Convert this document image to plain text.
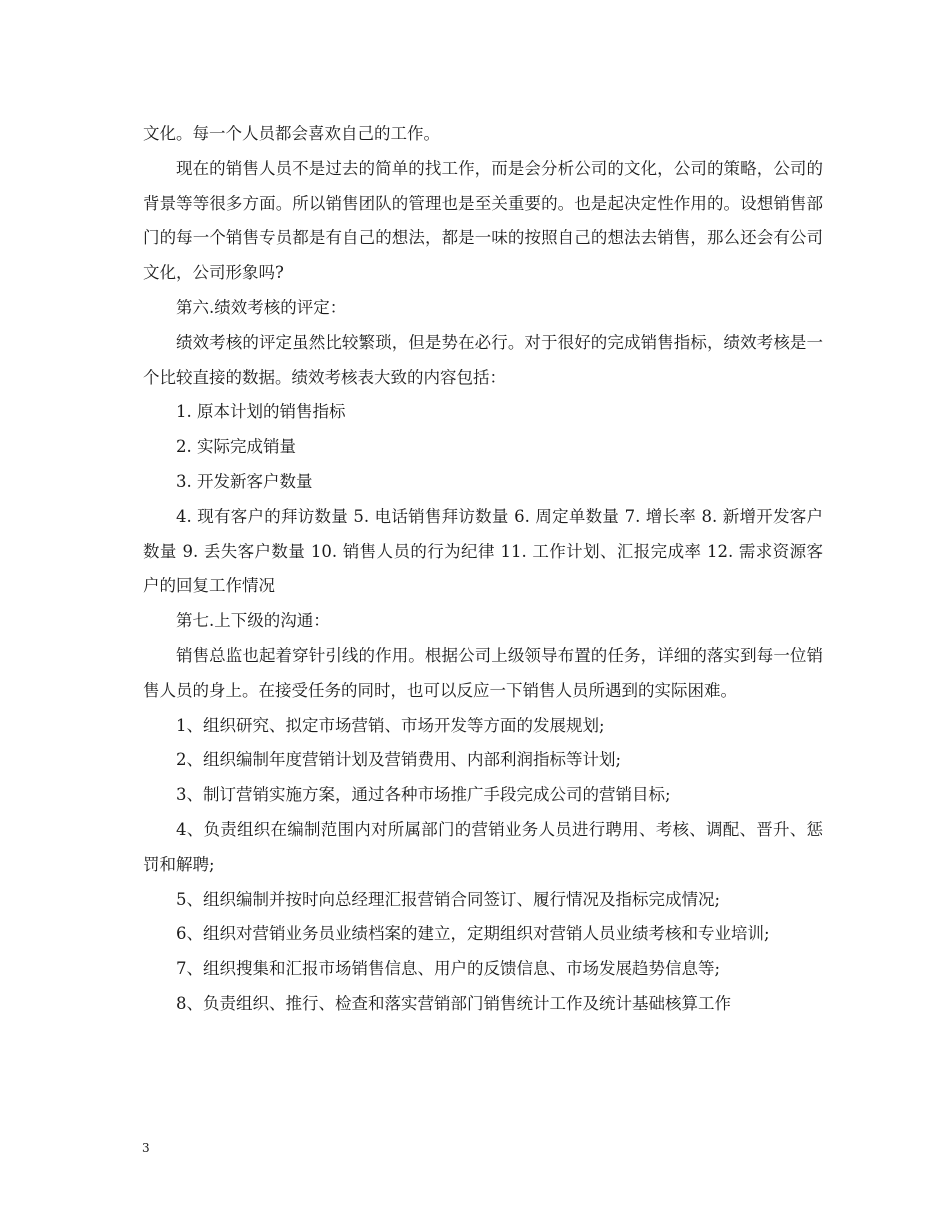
文化。每一个人员都会喜欢自己的工作。

现在的销售人员不是过去的简单的找工作，而是会分析公司的文化，公司的策略，公司的背景等等很多方面。所以销售团队的管理也是至关重要的。也是起决定性作用的。设想销售部门的每一个销售专员都是有自己的想法，都是一味的按照自己的想法去销售，那么还会有公司文化，公司形象吗?

第六.绩效考核的评定：

绩效考核的评定虽然比较繁琐，但是势在必行。对于很好的完成销售指标，绩效考核是一个比较直接的数据。绩效考核表大致的内容包括：

1. 原本计划的销售指标

2. 实际完成销量

3. 开发新客户数量

4. 现有客户的拜访数量 5. 电话销售拜访数量 6. 周定单数量 7. 增长率 8. 新增开发客户数量 9. 丢失客户数量 10. 销售人员的行为纪律 11. 工作计划、汇报完成率 12. 需求资源客户的回复工作情况

第七.上下级的沟通：

销售总监也起着穿针引线的作用。根据公司上级领导布置的任务，详细的落实到每一位销售人员的身上。在接受任务的同时，也可以反应一下销售人员所遇到的实际困难。

1、组织研究、拟定市场营销、市场开发等方面的发展规划;

2、组织编制年度营销计划及营销费用、内部利润指标等计划;

3、制订营销实施方案，通过各种市场推广手段完成公司的营销目标;

4、负责组织在编制范围内对所属部门的营销业务人员进行聘用、考核、调配、晋升、惩罚和解聘;

5、组织编制并按时向总经理汇报营销合同签订、履行情况及指标完成情况;

6、组织对营销业务员业绩档案的建立，定期组织对营销人员业绩考核和专业培训;

7、组织搜集和汇报市场销售信息、用户的反馈信息、市场发展趋势信息等;

8、负责组织、推行、检查和落实营销部门销售统计工作及统计基础核算工作

3
